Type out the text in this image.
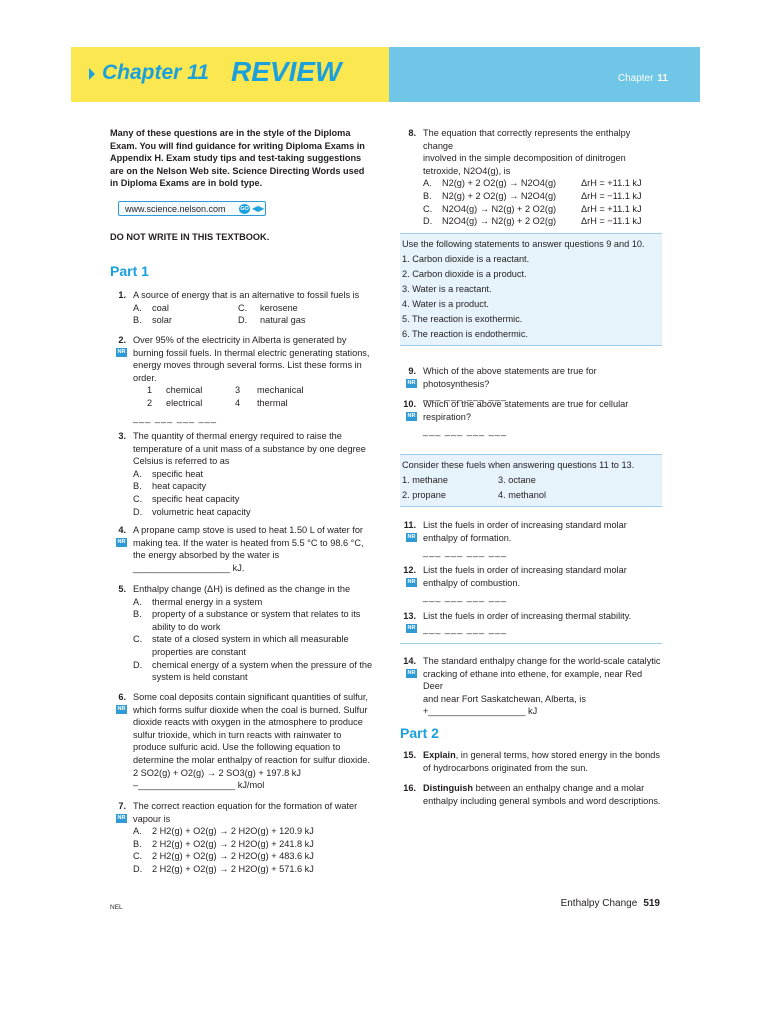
Chapter 11 REVIEW	Chapter 11
Many of these questions are in the style of the Diploma
Exam. You will find guidance for writing Diploma Exams in
Appendix H. Exam study tips and test-taking suggestions
are on the Nelson Web site. Science Directing Words used
in Diploma Exams are in bold type.
www.science.nelson.com	GO ◀▶
DO NOT WRITE IN THIS TEXTBOOK.
Part 1
1. A source of energy that is an alternative to fossil fuels is
A. coal	C. kerosene
B. solar	D. natural gas
2.
NR
Over 95% of the electricity in Alberta is generated by
burning fossil fuels. In thermal electric generating stations,
energy moves through several forms. List these forms in
order.
1 chemical	3 mechanical
2 electrical	4 thermal
___ ___ ___ ___
3. The quantity of thermal energy required to raise the
temperature of a unit mass of a substance by one degree
Celsius is referred to as
A. specific heat
B. heat capacity
C. specific heat capacity
D. volumetric heat capacity
4.
NR
A propane camp stove is used to heat 1.50 L of water for
making tea. If the water is heated from 5.5 °C to 98.6 °C,
the energy absorbed by the water is
___________________ kJ.
5. Enthalpy change (ΔH) is defined as the change in the
A. thermal energy in a system
B. property of a substance or system that relates to its
ability to do work
C. state of a closed system in which all measurable
properties are constant
D. chemical energy of a system when the pressure of the
system is held constant
6.
NR
Some coal deposits contain significant quantities of sulfur,
which forms sulfur dioxide when the coal is burned. Sulfur
dioxide reacts with oxygen in the atmosphere to produce
sulfur trioxide, which in turn reacts with rainwater to
produce sulfuric acid. Use the following equation to
determine the molar enthalpy of reaction for sulfur dioxide.
2 SO2(g) + O2(g) → 2 SO3(g) + 197.8 kJ
–___________________ kJ/mol
7.
NR
The correct reaction equation for the formation of water
vapour is
A. 2 H2(g) + O2(g) → 2 H2O(g) + 120.9 kJ
B. 2 H2(g) + O2(g) → 2 H2O(g) + 241.8 kJ
C. 2 H2(g) + O2(g) → 2 H2O(g) + 483.6 kJ
D. 2 H2(g) + O2(g) → 2 H2O(g) + 571.6 kJ
8. The equation that correctly represents the enthalpy change
involved in the simple decomposition of dinitrogen
tetroxide, N2O4(g), is
A. N2(g) + 2 O2(g) → N2O4(g)	ΔrH = +11.1 kJ
B. N2(g) + 2 O2(g) → N2O4(g)	ΔrH = −11.1 kJ
C. N2O4(g) → N2(g) + 2 O2(g)	ΔrH = +11.1 kJ
D. N2O4(g) → N2(g) + 2 O2(g)	ΔrH = −11.1 kJ
Use the following statements to answer questions 9 and 10.
1. Carbon dioxide is a reactant.
2. Carbon dioxide is a product.
3. Water is a reactant.
4. Water is a product.
5. The reaction is exothermic.
6. The reaction is endothermic.
9.
NR
Which of the above statements are true for photosynthesis?
___ ___ ___ ___
10.
NR
Which of the above statements are true for cellular
respiration?
___ ___ ___ ___
Consider these fuels when answering questions 11 to 13.
1. methane	3. octane
2. propane	4. methanol
11.
NR
List the fuels in order of increasing standard molar
enthalpy of formation.
___ ___ ___ ___
12.
NR
List the fuels in order of increasing standard molar
enthalpy of combustion.
___ ___ ___ ___
13.
NR
List the fuels in order of increasing thermal stability.
___ ___ ___ ___
14.
NR
The standard enthalpy change for the world-scale catalytic
cracking of ethane into ethene, for example, near Red Deer
and near Fort Saskatchewan, Alberta, is
+___________________ kJ
Part 2
15. Explain, in general terms, how stored energy in the bonds
of hydrocarbons originated from the sun.
16. Distinguish between an enthalpy change and a molar
enthalpy including general symbols and word descriptions.
NEL	Enthalpy Change 519
